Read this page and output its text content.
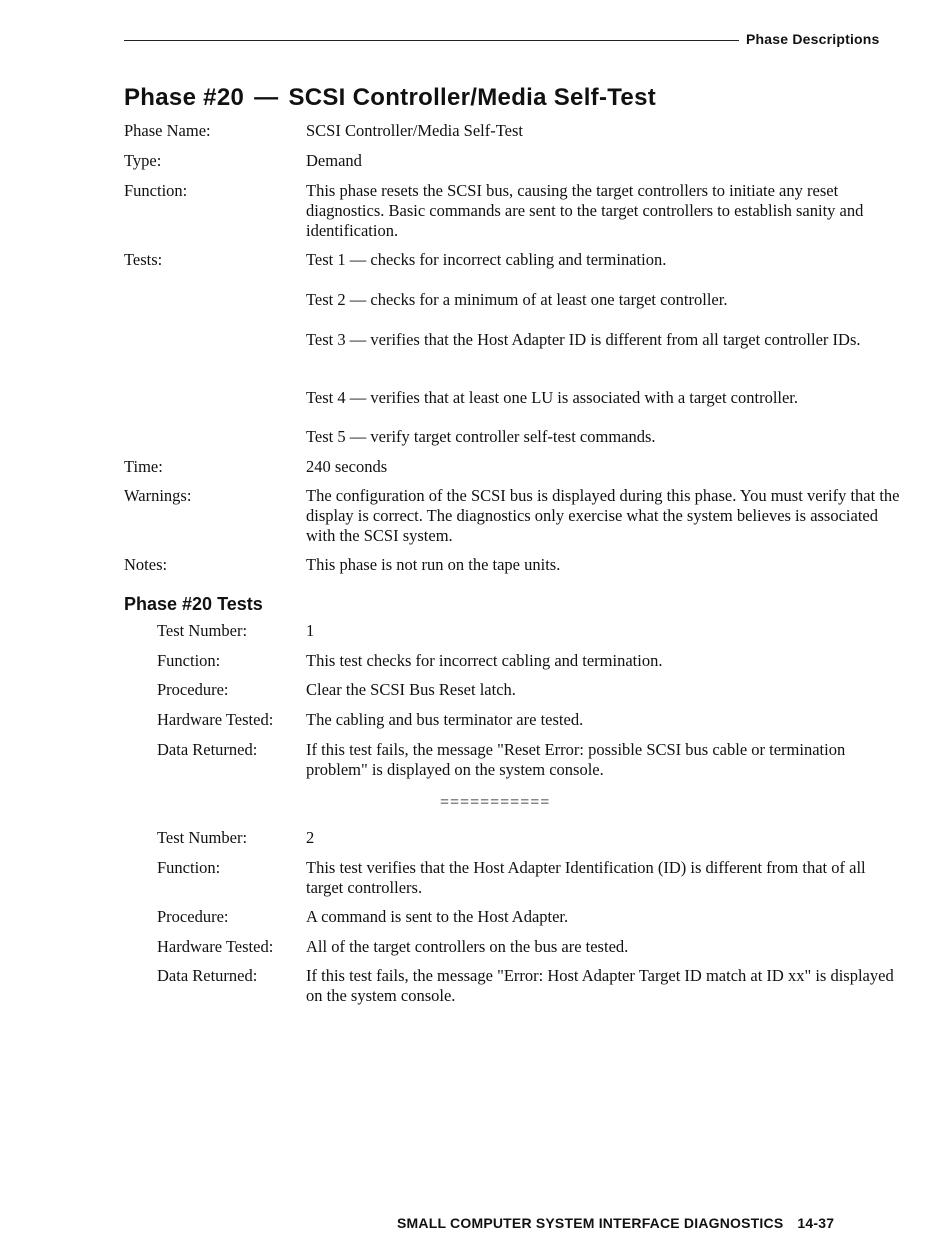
Phase Descriptions
Phase #20 — SCSI Controller/Media Self-Test
Phase Name:	SCSI Controller/Media Self-Test
Type:	Demand
Function:	This phase resets the SCSI bus, causing the target controllers to initiate any reset diagnostics. Basic commands are sent to the target controllers to establish sanity and identification.
Tests:	Test 1 — checks for incorrect cabling and termination.
Test 2 — checks for a minimum of at least one target controller.
Test 3 — verifies that the Host Adapter ID is different from all target controller IDs.
Test 4 — verifies that at least one LU is associated with a target controller.
Test 5 — verify target controller self-test commands.
Time:	240 seconds
Warnings:	The configuration of the SCSI bus is displayed during this phase. You must verify that the display is correct. The diagnostics only exercise what the system believes is associated with the SCSI system.
Notes:	This phase is not run on the tape units.
Phase #20 Tests
Test Number:	1
Function:	This test checks for incorrect cabling and termination.
Procedure:	Clear the SCSI Bus Reset latch.
Hardware Tested: The cabling and bus terminator are tested.
Data Returned:	If this test fails, the message "Reset Error: possible SCSI bus cable or termination problem" is displayed on the system console.
===========
Test Number:	2
Function:	This test verifies that the Host Adapter Identification (ID) is different from that of all target controllers.
Procedure:	A command is sent to the Host Adapter.
Hardware Tested: All of the target controllers on the bus are tested.
Data Returned:	If this test fails, the message "Error: Host Adapter Target ID match at ID xx" is displayed on the system console.
SMALL COMPUTER SYSTEM INTERFACE DIAGNOSTICS 14-37
